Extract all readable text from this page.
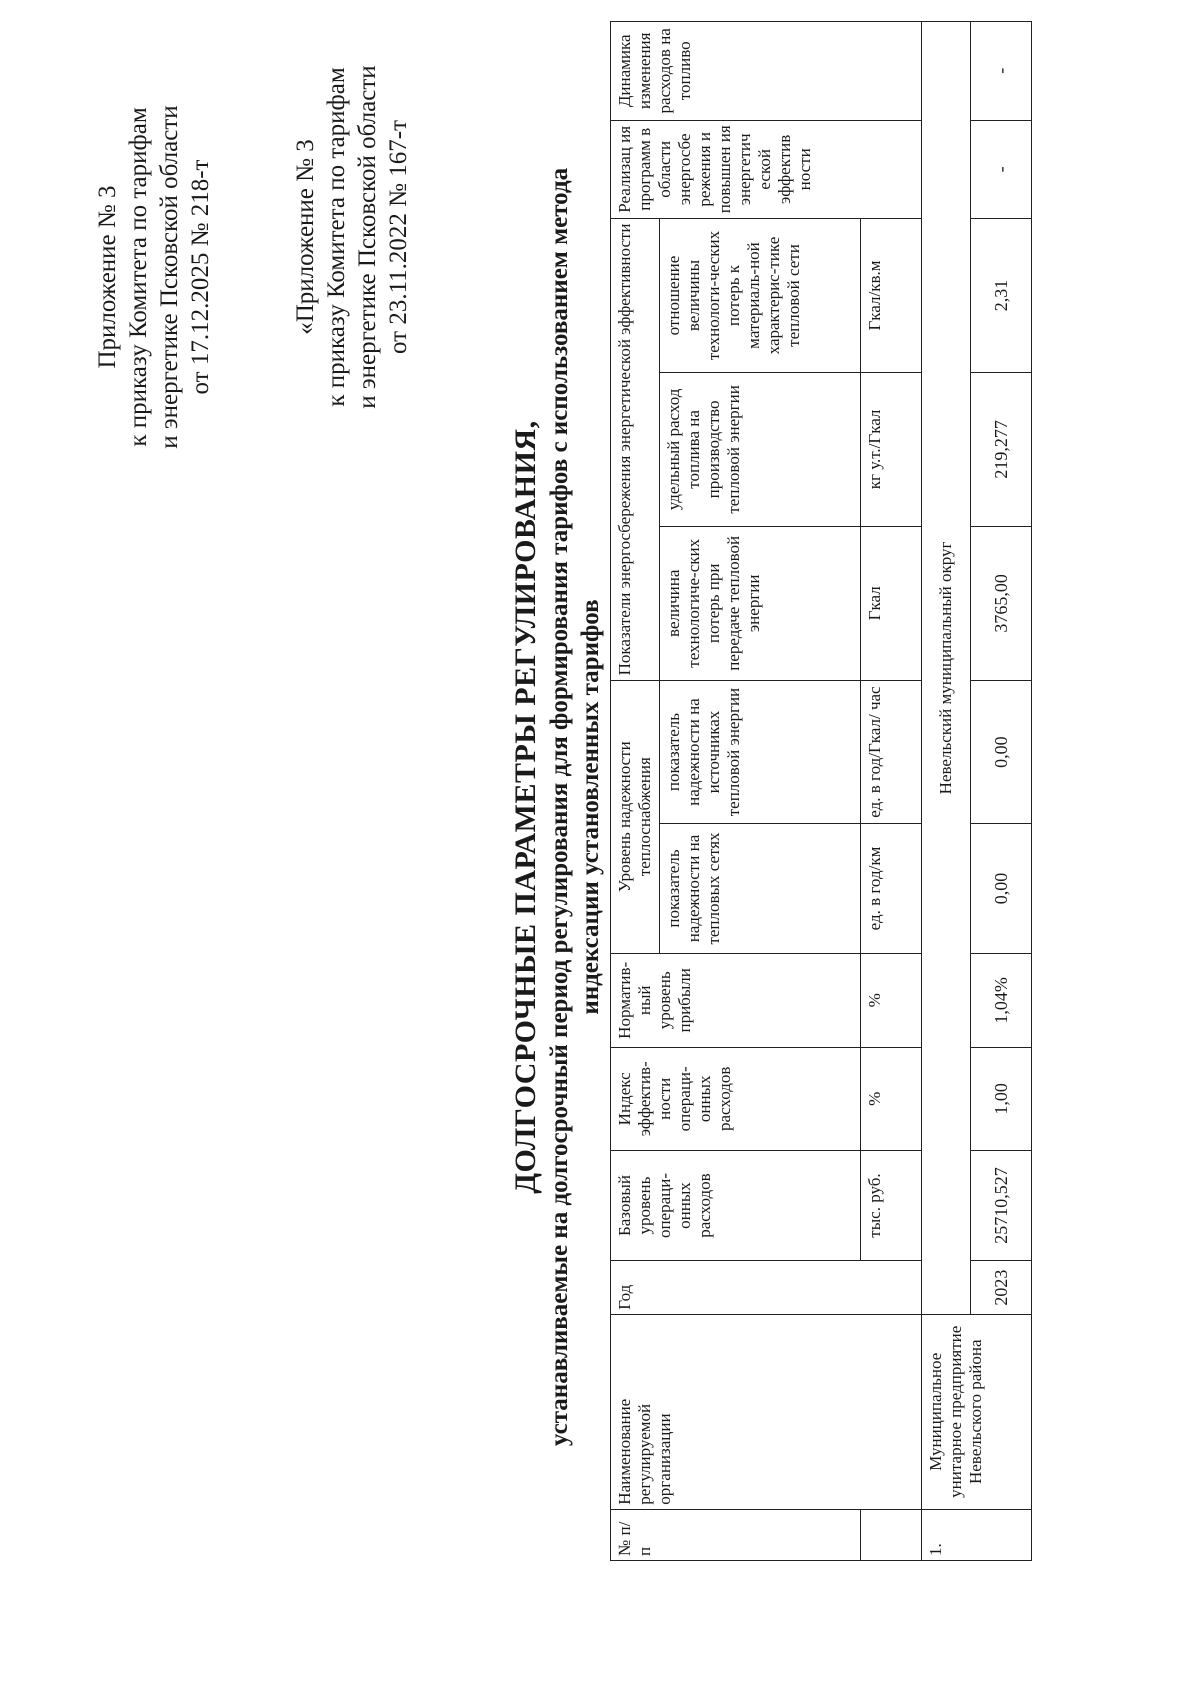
Приложение № 3 к приказу Комитета по тарифам и энергетике Псковской области от 17.12.2025 № 218-т	«Приложение № 3 к приказу Комитета по тарифам и энергетике Псковской области от 23.11.2022 № 167-т
ДОЛГОСРОЧНЫЕ ПАРАМЕТРЫ РЕГУЛИРОВАНИЯ, устанавливаемые на долгосрочный период регулирования для формирования тарифов с использованием метода индексации установленных тарифов
№ п/п	Наименование регулируемой организации	Год	Базовый уровень операци-онных расходов	Индекс эффектив-ности операци-онных расходов	Норматив-ный уровень прибыли	Уровень надежности теплоснабжения		Показатели энергосбережения энергетической эффективности			Реализац ия программ в области энергосбе режения и повышен ия энергетич еской эффектив ности	Динамика изменения расходов на топливо
						показатель надежности на тепловых сетях	показатель надежности на источниках тепловой энергии	величина технологиче-ских потерь при передаче тепловой энергии	удельный расход топлива на производство тепловой энергии	отношение величины технологи-ческих потерь к материаль-ной характерис-тике тепловой сети		
			тыс. руб.	%	%	ед. в год/км	ед. в год/Гкал/ час	Гкал	кг у.т./Гкал	Гкал/кв.м		
1.	Муниципальное унитарное предприятие Невельского района	Невельский муниципальный округ										
		2023	25710,527	1,00	1,04%	0,00	0,00	3765,00	219,277	2,31	-	-
